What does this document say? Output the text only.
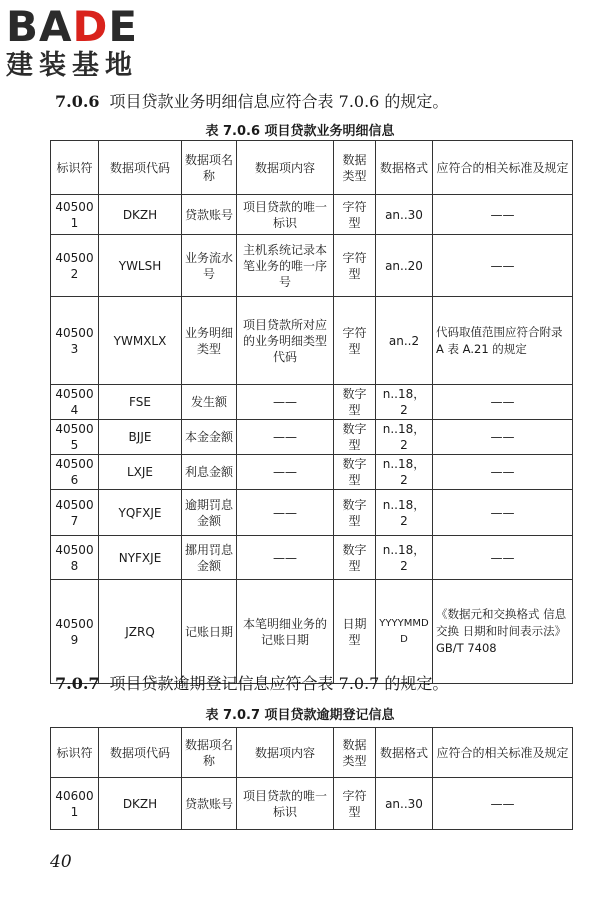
BADE
建装基地
7.0.6 项目贷款业务明细信息应符合表 7.0.6 的规定。
表 7.0.6 项目贷款业务明细信息
标识符	数据项代码	数据项名称	数据项内容	数据类型	数据格式	应符合的相关标准及规定
405001	DKZH	贷款账号	项目贷款的唯一标识	字符型	an..30	——
405002	YWLSH	业务流水号	主机系统记录本笔业务的唯一序号	字符型	an..20	——
405003	YWMXLX	业务明细类型	项目贷款所对应的业务明细类型代码	字符型	an..2	代码取值范围应符合附录 A 表 A.21 的规定
405004	FSE	发生额	——	数字型	n..18，2	——
405005	BJJE	本金金额	——	数字型	n..18，2	——
405006	LXJE	利息金额	——	数字型	n..18，2	——
405007	YQFXJE	逾期罚息金额	——	数字型	n..18，2	——
405008	NYFXJE	挪用罚息金额	——	数字型	n..18，2	——
405009	JZRQ	记账日期	本笔明细业务的记账日期	日期型	YYYYMMDD	《数据元和交换格式 信息交换 日期和时间表示法》GB/T 7408
7.0.7 项目贷款逾期登记信息应符合表 7.0.7 的规定。
表 7.0.7 项目贷款逾期登记信息
标识符	数据项代码	数据项名称	数据项内容	数据类型	数据格式	应符合的相关标准及规定
406001	DKZH	贷款账号	项目贷款的唯一标识	字符型	an..30	——
40
